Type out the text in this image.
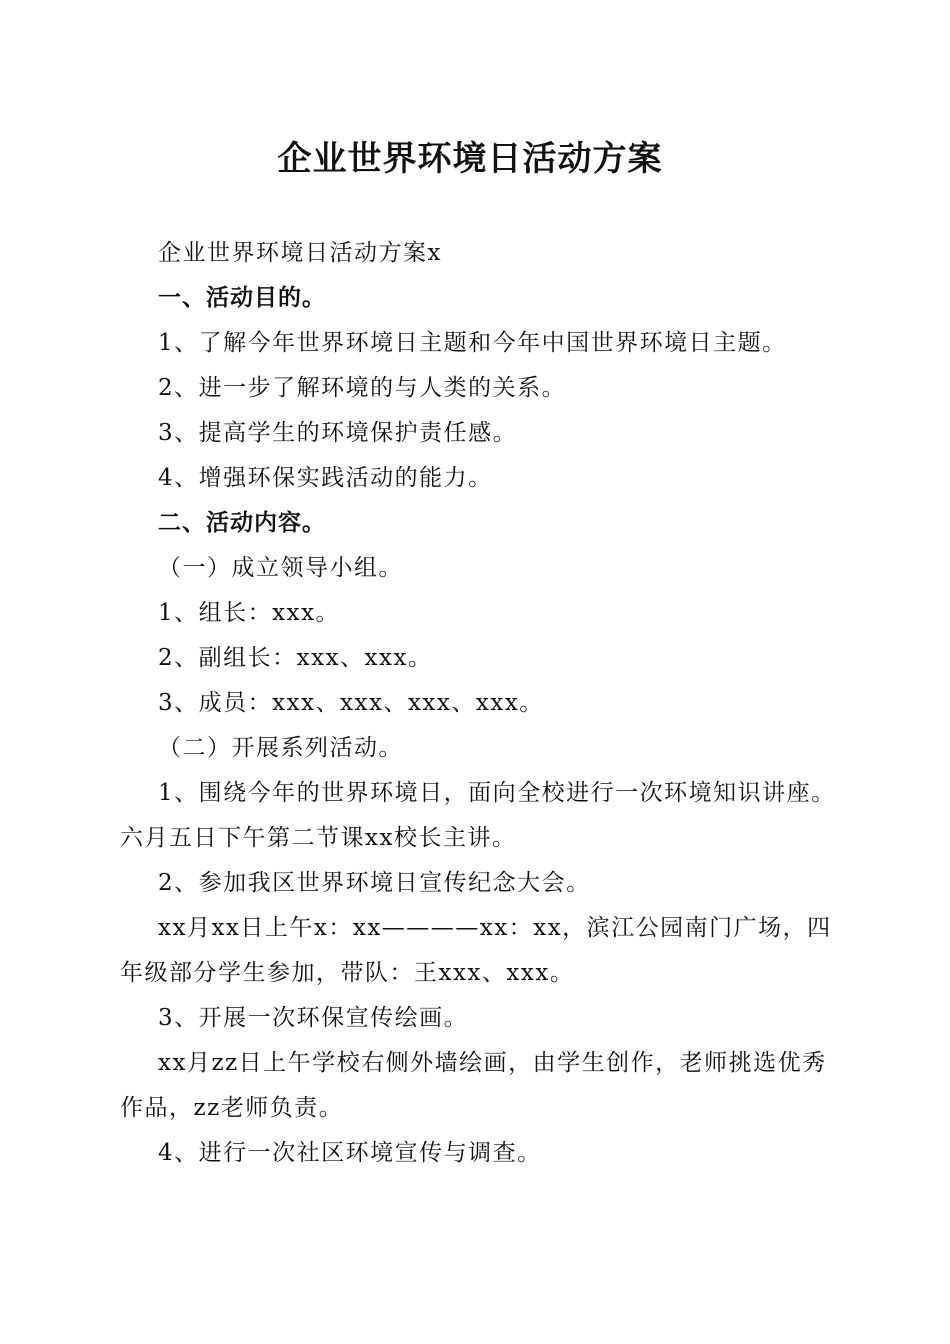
企业世界环境日活动方案

企业世界环境日活动方案x

一、活动目的。

1、了解今年世界环境日主题和今年中国世界环境日主题。

2、进一步了解环境的与人类的关系。

3、提高学生的环境保护责任感。

4、增强环保实践活动的能力。

二、活动内容。

（一）成立领导小组。

1、组长：xxx。

2、副组长：xxx、xxx。

3、成员：xxx、xxx、xxx、xxx。

（二）开展系列活动。

1、围绕今年的世界环境日，面向全校进行一次环境知识讲座。六月五日下午第二节课xx校长主讲。

2、参加我区世界环境日宣传纪念大会。

xx月xx日上午x：xx————xx：xx，滨江公园南门广场，四年级部分学生参加，带队：王xxx、xxx。

3、开展一次环保宣传绘画。

xx月zz日上午学校右侧外墙绘画，由学生创作，老师挑选优秀作品，zz老师负责。

4、进行一次社区环境宣传与调查。
